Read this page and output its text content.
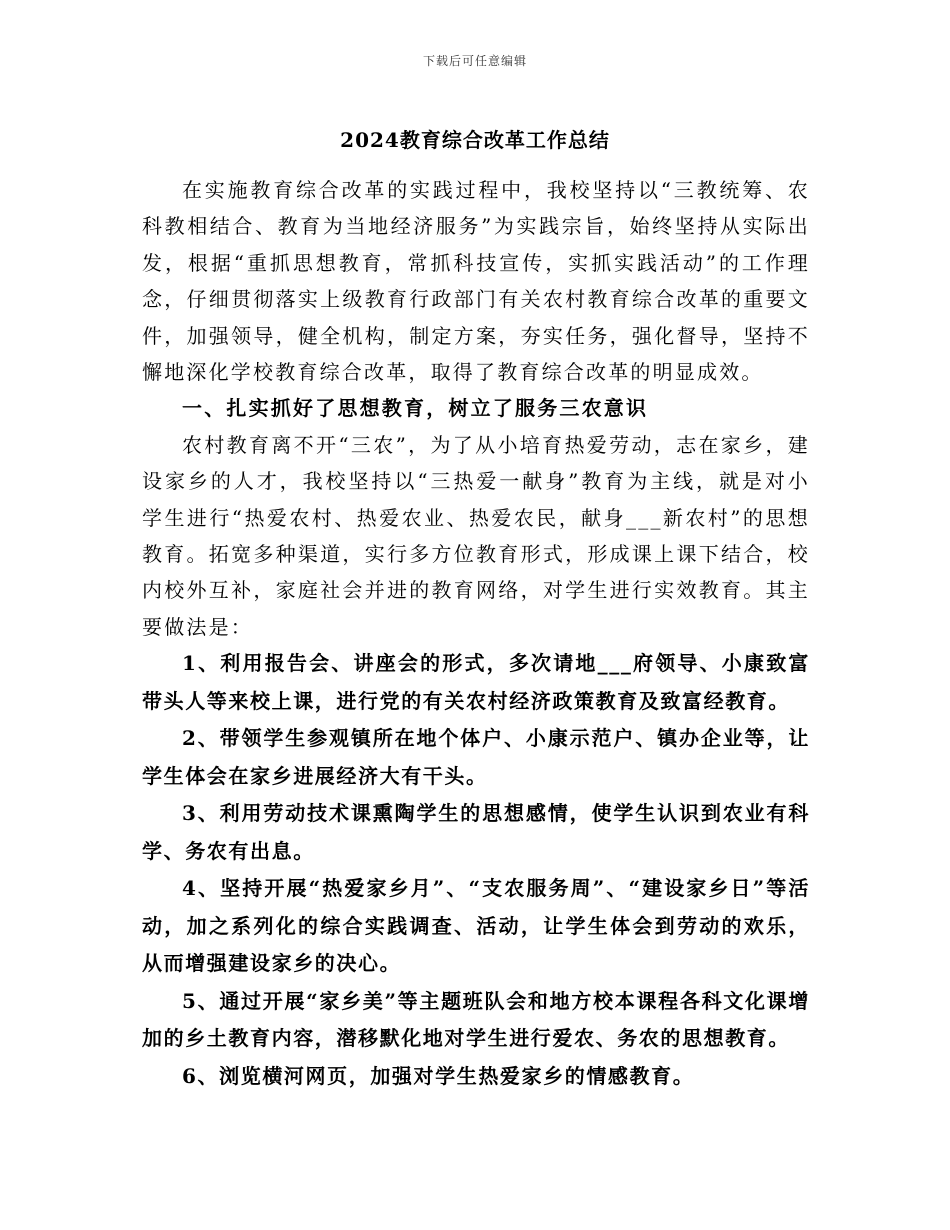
下载后可任意编辑
2024教育综合改革工作总结

在实施教育综合改革的实践过程中，我校坚持以“三教统筹、农科教相结合、教育为当地经济服务”为实践宗旨，始终坚持从实际出发，根据“重抓思想教育，常抓科技宣传，实抓实践活动”的工作理念，仔细贯彻落实上级教育行政部门有关农村教育综合改革的重要文件，加强领导，健全机构，制定方案，夯实任务，强化督导，坚持不懈地深化学校教育综合改革，取得了教育综合改革的明显成效。

一、扎实抓好了思想教育，树立了服务三农意识

农村教育离不开“三农”，为了从小培育热爱劳动，志在家乡，建设家乡的人才，我校坚持以“三热爱一献身”教育为主线，就是对小学生进行“热爱农村、热爱农业、热爱农民，献身___新农村”的思想教育。拓宽多种渠道，实行多方位教育形式，形成课上课下结合，校内校外互补，家庭社会并进的教育网络，对学生进行实效教育。其主要做法是：

1、利用报告会、讲座会的形式，多次请地___府领导、小康致富带头人等来校上课，进行党的有关农村经济政策教育及致富经教育。

2、带领学生参观镇所在地个体户、小康示范户、镇办企业等，让学生体会在家乡进展经济大有干头。

3、利用劳动技术课熏陶学生的思想感情，使学生认识到农业有科学、务农有出息。

4、坚持开展“热爱家乡月”、“支农服务周”、“建设家乡日”等活动，加之系列化的综合实践调查、活动，让学生体会到劳动的欢乐，从而增强建设家乡的决心。

5、通过开展“家乡美”等主题班队会和地方校本课程各科文化课增加的乡土教育内容，潜移默化地对学生进行爱农、务农的思想教育。

6、浏览横河网页，加强对学生热爱家乡的情感教育。
